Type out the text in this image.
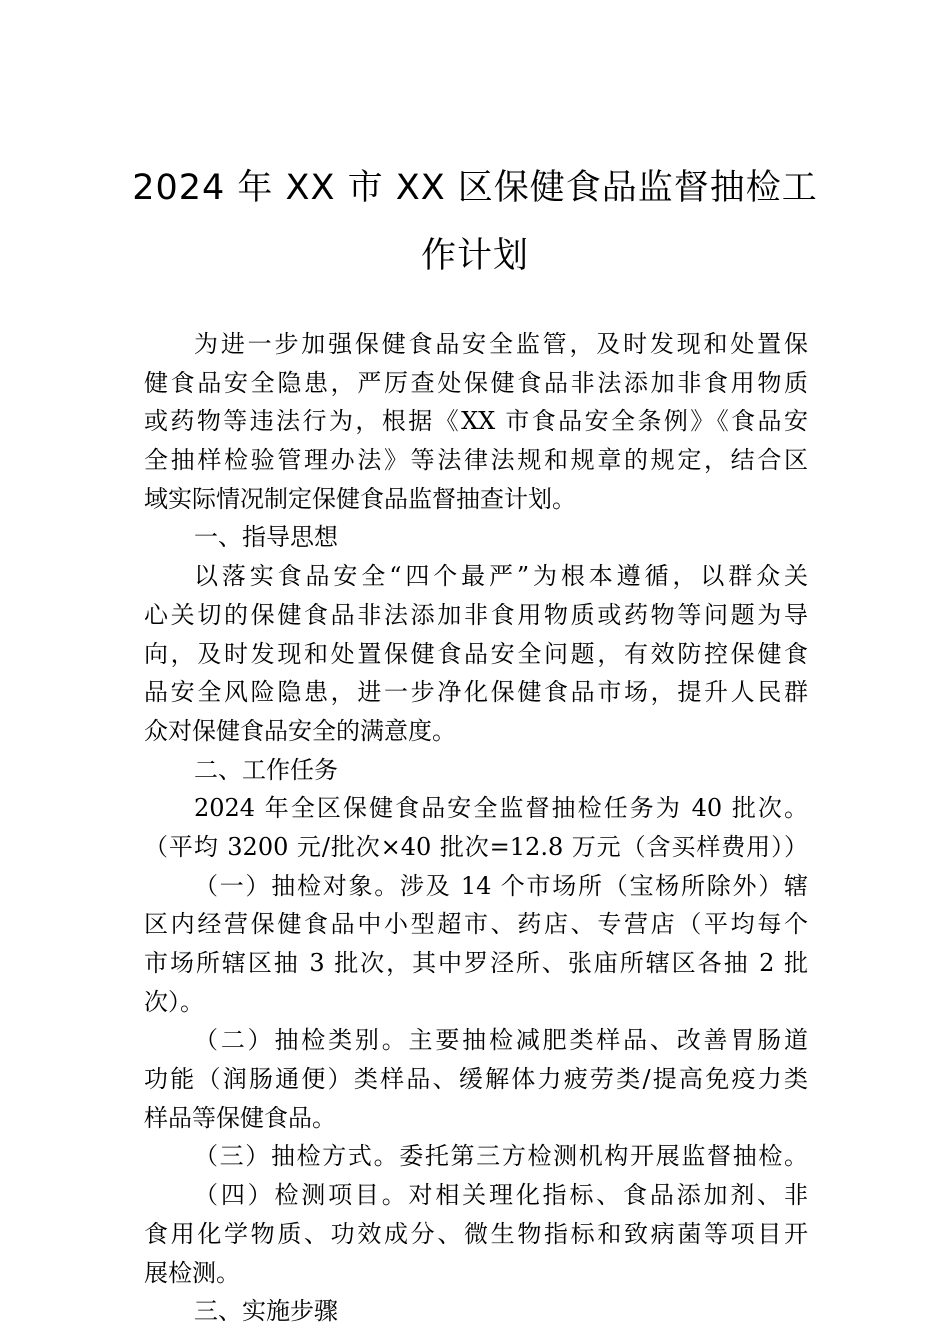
2024 年 XX 市 XX 区保健食品监督抽检工
作计划
为进一步加强保健食品安全监管，及时发现和处置保
健食品安全隐患，严厉查处保健食品非法添加非食用物质
或药物等违法行为，根据《XX 市食品安全条例》《食品安
全抽样检验管理办法》等法律法规和规章的规定，结合区
域实际情况制定保健食品监督抽查计划。
一、指导思想
以落实食品安全“四个最严”为根本遵循，以群众关
心关切的保健食品非法添加非食用物质或药物等问题为导
向，及时发现和处置保健食品安全问题，有效防控保健食
品安全风险隐患，进一步净化保健食品市场，提升人民群
众对保健食品安全的满意度。
二、工作任务
2024 年全区保健食品安全监督抽检任务为 40 批次。
（平均 3200 元/批次×40 批次=12.8 万元（含买样费用））
（一）抽检对象。涉及 14 个市场所（宝杨所除外）辖
区内经营保健食品中小型超市、药店、专营店（平均每个
市场所辖区抽 3 批次，其中罗泾所、张庙所辖区各抽 2 批
次）。
（二）抽检类别。主要抽检减肥类样品、改善胃肠道
功能（润肠通便）类样品、缓解体力疲劳类/提高免疫力类
样品等保健食品。
（三）抽检方式。委托第三方检测机构开展监督抽检。
（四）检测项目。对相关理化指标、食品添加剂、非
食用化学物质、功效成分、微生物指标和致病菌等项目开
展检测。
三、实施步骤
